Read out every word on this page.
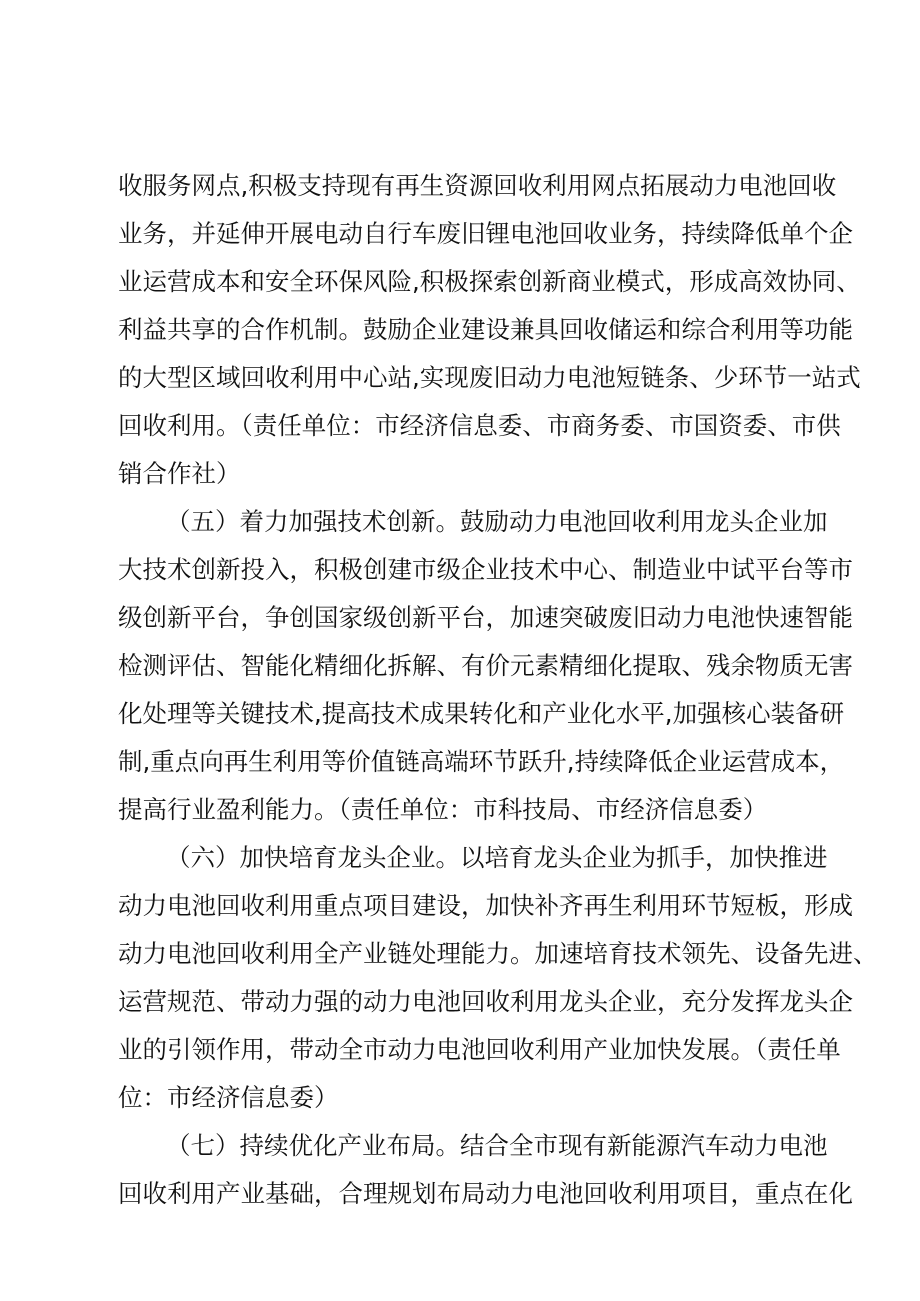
收服务网点,积极支持现有再生资源回收利用网点拓展动力电池回收
业务，并延伸开展电动自行车废旧锂电池回收业务，持续降低单个企
业运营成本和安全环保风险,积极探索创新商业模式，形成高效协同、
利益共享的合作机制。鼓励企业建设兼具回收储运和综合利用等功能
的大型区域回收利用中心站,实现废旧动力电池短链条、少环节一站式
回收利用。（责任单位：市经济信息委、市商务委、市国资委、市供
销合作社）
（五）着力加强技术创新。鼓励动力电池回收利用龙头企业加
大技术创新投入，积极创建市级企业技术中心、制造业中试平台等市
级创新平台，争创国家级创新平台，加速突破废旧动力电池快速智能
检测评估、智能化精细化拆解、有价元素精细化提取、残余物质无害
化处理等关键技术,提高技术成果转化和产业化水平,加强核心装备研
制,重点向再生利用等价值链高端环节跃升,持续降低企业运营成本，
提高行业盈利能力。（责任单位：市科技局、市经济信息委）
（六）加快培育龙头企业。以培育龙头企业为抓手，加快推进
动力电池回收利用重点项目建设，加快补齐再生利用环节短板，形成
动力电池回收利用全产业链处理能力。加速培育技术领先、设备先进、
运营规范、带动力强的动力电池回收利用龙头企业，充分发挥龙头企
业的引领作用，带动全市动力电池回收利用产业加快发展。（责任单
位：市经济信息委）
（七）持续优化产业布局。结合全市现有新能源汽车动力电池
回收利用产业基础，合理规划布局动力电池回收利用项目，重点在化
